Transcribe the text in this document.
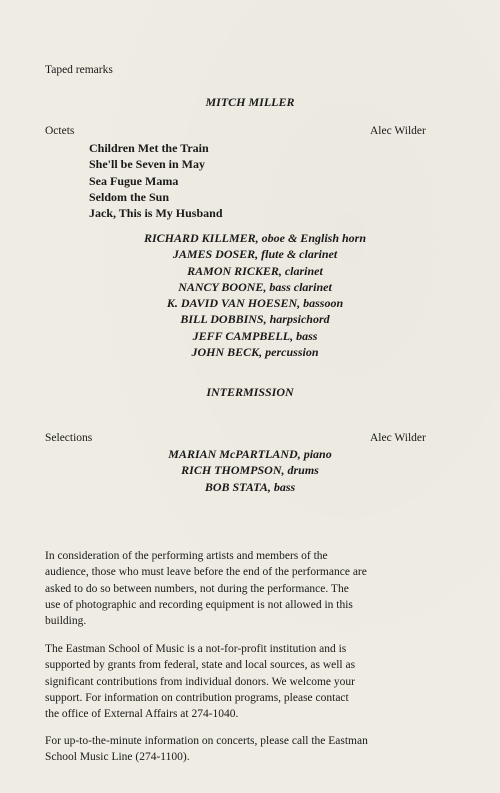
Taped remarks
MITCH MILLER
Octets	Alec Wilder
Children Met the Train
She'll be Seven in May
Sea Fugue Mama
Seldom the Sun
Jack, This is My Husband
RICHARD KILLMER, oboe & English horn
JAMES DOSER, flute & clarinet
RAMON RICKER, clarinet
NANCY BOONE, bass clarinet
K. DAVID VAN HOESEN, bassoon
BILL DOBBINS, harpsichord
JEFF CAMPBELL, bass
JOHN BECK, percussion
INTERMISSION
Selections	Alec Wilder
MARIAN McPARTLAND, piano
RICH THOMPSON, drums
BOB STATA, bass
In consideration of the performing artists and members of the
audience, those who must leave before the end of the performance are
asked to do so between numbers, not during the performance. The
use of photographic and recording equipment is not allowed in this
building.
The Eastman School of Music is a not-for-profit institution and is
supported by grants from federal, state and local sources, as well as
significant contributions from individual donors. We welcome your
support. For information on contribution programs, please contact
the office of External Affairs at 274-1040.
For up-to-the-minute information on concerts, please call the Eastman
School Music Line (274-1100).
